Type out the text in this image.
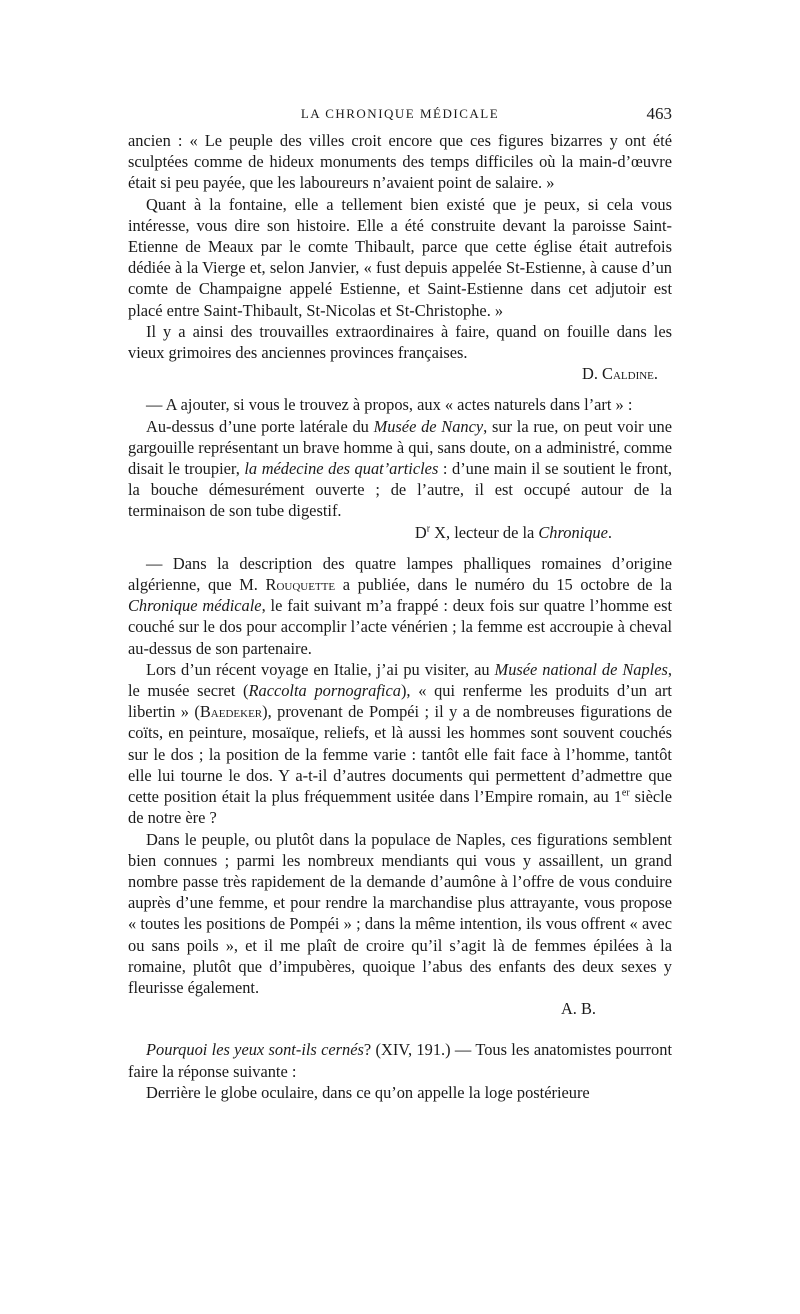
LA CHRONIQUE MÉDICALE	463

ancien : « Le peuple des villes croit encore que ces figures bizarres y ont été sculptées comme de hideux monuments des temps difficiles où la main-d’œuvre était si peu payée, que les laboureurs n’avaient point de salaire. »

Quant à la fontaine, elle a tellement bien existé que je peux, si cela vous intéresse, vous dire son histoire. Elle a été construite devant la paroisse Saint-Etienne de Meaux par le comte Thibault, parce que cette église était autrefois dédiée à la Vierge et, selon Janvier, « fust depuis appelée St-Estienne, à cause d’un comte de Champaigne appelé Estienne, et Saint-Estienne dans cet adjutoir est placé entre Saint-Thibault, St-Nicolas et St-Christophe. »

Il y a ainsi des trouvailles extraordinaires à faire, quand on fouille dans les vieux grimoires des anciennes provinces françaises.

D. Caldine.

— A ajouter, si vous le trouvez à propos, aux « actes naturels dans l’art » :

Au-dessus d’une porte latérale du Musée de Nancy, sur la rue, on peut voir une gargouille représentant un brave homme à qui, sans doute, on a administré, comme disait le troupier, la médecine des quat’articles : d’une main il se soutient le front, la bouche démesurément ouverte ; de l’autre, il est occupé autour de la terminaison de son tube digestif.

$D^r$ X, lecteur de la Chronique.

— Dans la description des quatre lampes phalliques romaines d’origine algérienne, que M. Rouquette a publiée, dans le numéro du 15 octobre de la Chronique médicale, le fait suivant m’a frappé : deux fois sur quatre l’homme est couché sur le dos pour accomplir l’acte vénérien ; la femme est accroupie à cheval au-dessus de son partenaire.

Lors d’un récent voyage en Italie, j’ai pu visiter, au Musée national de Naples, le musée secret (Raccolta pornografica), « qui renferme les produits d’un art libertin » (Baedeker), provenant de Pompéi ; il y a de nombreuses figurations de coïts, en peinture, mosaïque, reliefs, et là aussi les hommes sont souvent couchés sur le dos ; la position de la femme varie : tantôt elle fait face à l’homme, tantôt elle lui tourne le dos. Y a-t-il d’autres documents qui permettent d’admettre que cette position était la plus fréquemment usitée dans l’Empire romain, au 1er siècle de notre ère ?

Dans le peuple, ou plutôt dans la populace de Naples, ces figurations semblent bien connues ; parmi les nombreux mendiants qui vous y assaillent, un grand nombre passe très rapidement de la demande d’aumône à l’offre de vous conduire auprès d’une femme, et pour rendre la marchandise plus attrayante, vous propose « toutes les positions de Pompéi » ; dans la même intention, ils vous offrent « avec ou sans poils », et il me plaît de croire qu’il s’agit là de femmes épilées à la romaine, plutôt que d’impubères, quoique l’abus des enfants des deux sexes y fleurisse également.

A. B.

Pourquoi les yeux sont-ils cernés? (XIV, 191.) — Tous les anatomistes pourront faire la réponse suivante :

Derrière le globe oculaire, dans ce qu’on appelle la loge postérieure
